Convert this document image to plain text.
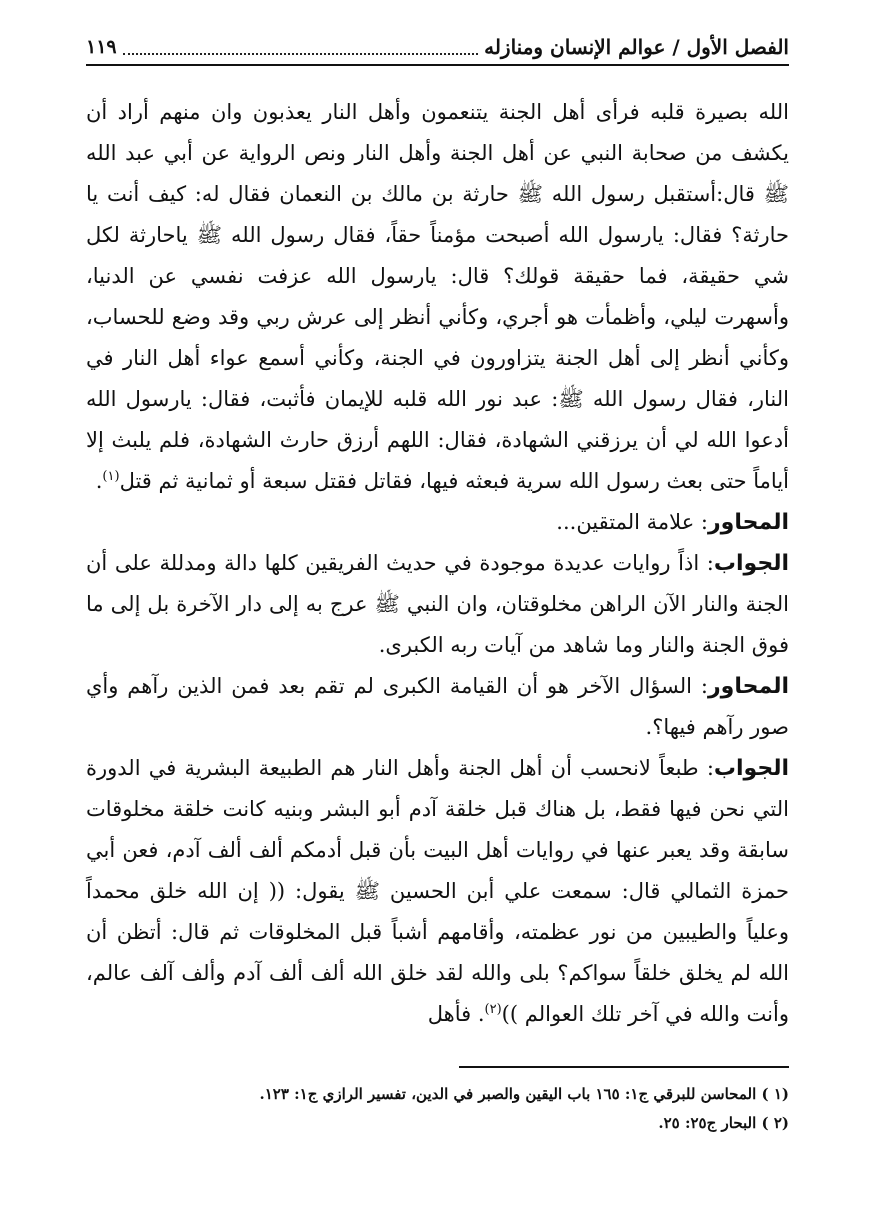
الفصل الأول / عوالم الإنسان ومنازله
١١٩

الله بصيرة قلبه فرأى أهل الجنة يتنعمون وأهل النار يعذبون وان منهم أراد أن يكشف من صحابة النبي عن أهل الجنة وأهل النار ونص الرواية عن أبي عبد الله ﷺ قال:أستقبل رسول الله ﷺ حارثة بن مالك بن النعمان فقال له: كيف أنت يا حارثة؟ فقال: يارسول الله أصبحت مؤمناً حقاً، فقال رسول الله ﷺ ياحارثة لكل شي حقيقة، فما حقيقة قولك؟ قال: يارسول الله عزفت نفسي عن الدنيا، وأسهرت ليلي، وأظمأت هو أجري، وكأني أنظر إلى عرش ربي وقد وضع للحساب، وكأني أنظر إلى أهل الجنة يتزاورون في الجنة، وكأني أسمع عواء أهل النار في النار، فقال رسول الله ﷺ: عبد نور الله قلبه للإيمان فأثبت، فقال: يارسول الله أدعوا الله لي أن يرزقني الشهادة، فقال: اللهم أرزق حارث الشهادة، فلم يلبث إلا أياماً حتى بعث رسول الله سرية فبعثه فيها، فقاتل فقتل سبعة أو ثمانية ثم قتل$^{(١)}$.

المحاور: علامة المتقين...

الجواب: اذاً روايات عديدة موجودة في حديث الفريقين كلها دالة ومدللة على أن الجنة والنار الآن الراهن مخلوقتان، وان النبي ﷺ عرج به إلى دار الآخرة بل إلى ما فوق الجنة والنار وما شاهد من آيات ربه الكبرى.

المحاور: السؤال الآخر هو أن القيامة الكبرى لم تقم بعد فمن الذين رآهم وأي صور رآهم فيها؟.

الجواب: طبعاً لانحسب أن أهل الجنة وأهل النار هم الطبيعة البشرية في الدورة التي نحن فيها فقط، بل هناك قبل خلقة آدم أبو البشر وبنيه كانت خلقة مخلوقات سابقة وقد يعبر عنها في روايات أهل البيت بأن قبل أدمكم ألف ألف آدم، فعن أبي حمزة الثمالي قال: سمعت علي أبن الحسين ﷺ يقول: (( إن الله خلق محمداً وعلياً والطيبين من نور عظمته، وأقامهم أشباً قبل المخلوقات ثم قال: أتظن أن الله لم يخلق خلقاً سواكم؟ بلى والله لقد خلق الله ألف ألف آدم وألف آلف عالم، وأنت والله في آخر تلك العوالم ))$^{(٢)}$. فأهل

(١ ) المحاسن للبرقي ج١: ١٦٥ باب اليقين والصبر في الدين، تفسير الرازي ج١: ١٢٣.

(٢ ) البحار ج٢٥: ٢٥.
